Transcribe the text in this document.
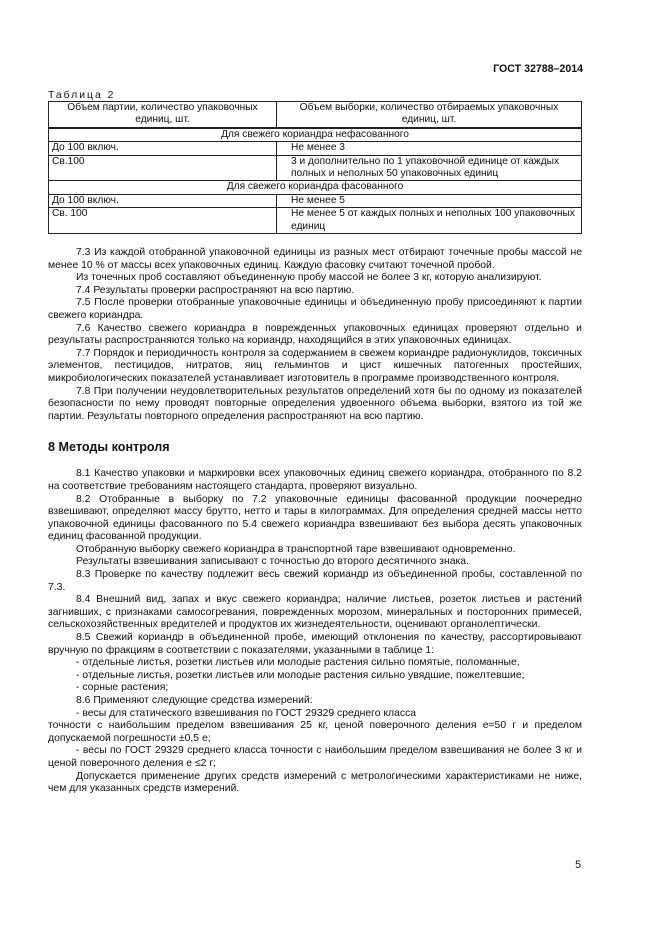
ГОСТ 32788–2014
Таблица 2
Объем партии, количество упаковочных единиц, шт.	Объем выборки, количество отбираемых упаковочных единиц, шт.
Для свежего кориандра нефасованного	
До 100 включ.	Не менее 3
Св.100	3 и дополнительно по 1 упаковочной единице от каждых полных и неполных 50 упаковочных единиц
Для свежего кориандра фасованного	
До 100 включ.	Не менее 5
Св. 100	Не менее 5 от каждых полных и неполных 100 упаковочных единиц

7.3 Из каждой отобранной упаковочной единицы из разных мест отбирают точечные пробы массой не менее 10 % от массы всех упаковочных единиц. Каждую фасовку считают точечной пробой.

Из точечных проб составляют объединенную пробу массой не более 3 кг, которую анализируют.

7.4 Результаты проверки распространяют на всю партию.

7.5 После проверки отобранные упаковочные единицы и объединенную пробу присоединяют к партии свежего кориандра.

7.6 Качество свежего кориандра в поврежденных упаковочных единицах проверяют отдельно и результаты распространяются только на кориандр, находящийся в этих упаковочных единицах.

7.7 Порядок и периодичность контроля за содержанием в свежем кориандре радионуклидов, токсичных элементов, пестицидов, нитратов, яиц гельминтов и цист кишечных патогенных простейших, микробиологических показателей устанавливает изготовитель в программе производственного контроля.

7.8 При получении неудовлетворительных результатов определений хотя бы по одному из показателей безопасности по нему проводят повторные определения удвоенного объема выборки, взятого из той же партии. Результаты повторного определения распространяют на всю партию.

8 Методы контроля

8.1 Качество упаковки и маркировки всех упаковочных единиц свежего кориандра, отобранного по 8.2 на соответствие требованиям настоящего стандарта, проверяют визуально.

8.2 Отобранные в выборку по 7.2 упаковочные единицы фасованной продукции поочередно взвешивают, определяют массу брутто, нетто и тары в килограммах. Для определения средней массы нетто упаковочной единицы фасованного по 5.4 свежего кориандра взвешивают без выбора десять упаковочных единиц фасованной продукции.

Отобранную выборку свежего кориандра в транспортной таре взвешивают одновременно.

Результаты взвешивания записывают с точностью до второго десятичного знака.

8.3 Проверке по качеству подлежит весь свежий кориандр из объединенной пробы, составленной по 7.3.

8.4 Внешний вид, запах и вкус свежего кориандра; наличие листьев, розеток листьев и растений загнивших, с признаками самосогревания, поврежденных морозом, минеральных и посторонних примесей, сельскохозяйственных вредителей и продуктов их жизнедеятельности, оценивают органолептически.

8.5 Свежий кориандр в объединенной пробе, имеющий отклонения по качеству, рассортировывают вручную по фракциям в соответствии с показателями, указанными в таблице 1:

- отдельные листья, розетки листьев или молодые растения сильно помятые, поломанные,

- отдельные листья, розетки листьев или молодые растения сильно увядшие, пожелтевшие;

- сорные растения;

8.6 Применяют следующие средства измерений:

- весы для статического взвешивания по ГОСТ 29329 среднего класса

точности с наибольшим пределом взвешивания 25 кг, ценой поверочного деления е=50 г и пределом допускаемой погрешности ±0,5 е;

- весы по ГОСТ 29329 среднего класса точности с наибольшим пределом взвешивания не более 3 кг и ценой поверочного деления е ≤2 г;

Допускается применение других средств измерений с метрологическими характеристиками не ниже, чем для указанных средств измерений.

5
